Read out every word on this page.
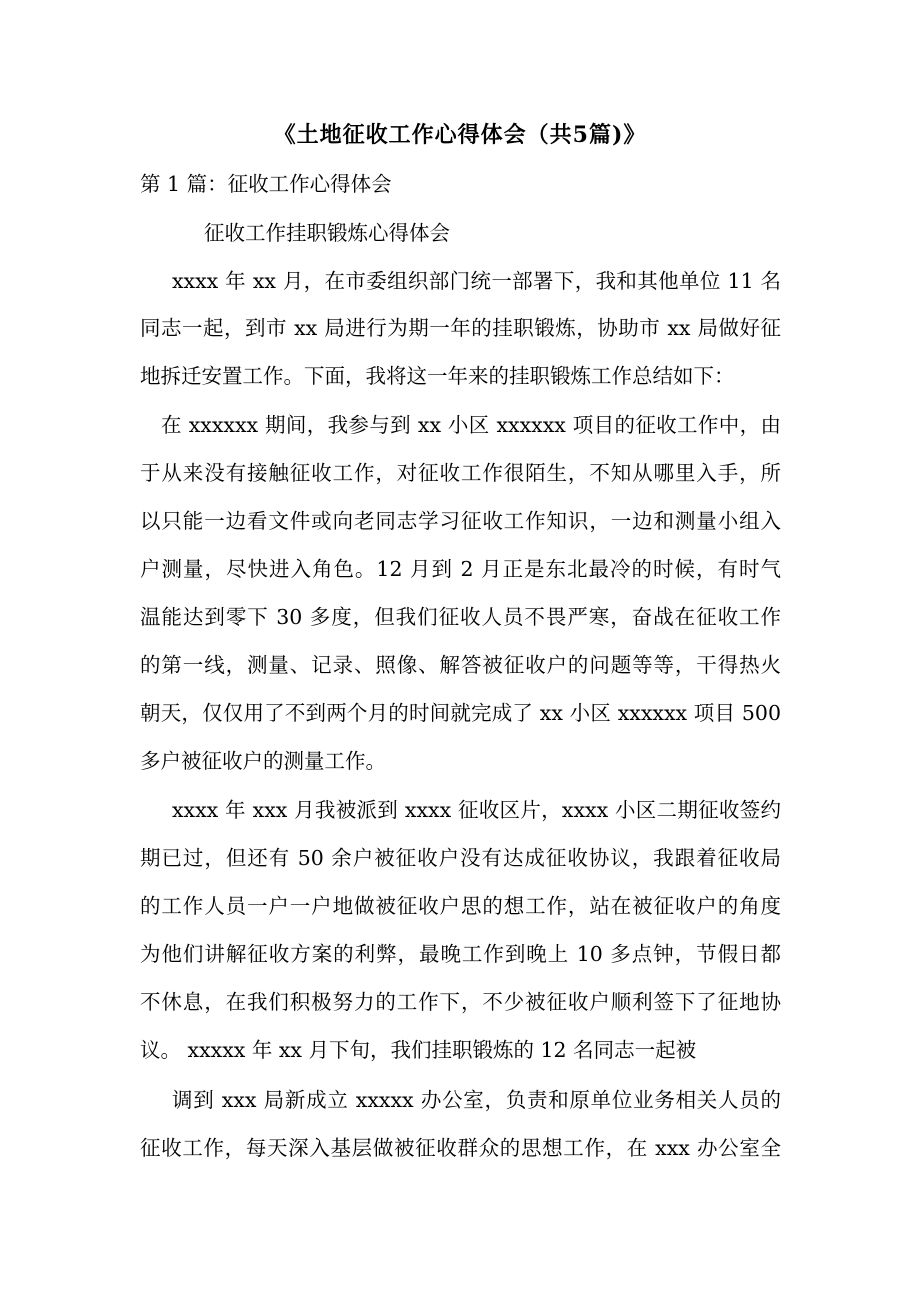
《土地征收工作心得体会（共5篇)》
第 1 篇：征收工作心得体会
征收工作挂职锻炼心得体会
xxxx 年 xx 月，在市委组织部门统一部署下，我和其他单位 11 名
同志一起，到市 xx 局进行为期一年的挂职锻炼，协助市 xx 局做好征
地拆迁安置工作。下面，我将这一年来的挂职锻炼工作总结如下：
在 xxxxxx 期间，我参与到 xx 小区 xxxxxx 项目的征收工作中，由
于从来没有接触征收工作，对征收工作很陌生，不知从哪里入手，所
以只能一边看文件或向老同志学习征收工作知识，一边和测量小组入
户测量，尽快进入角色。12 月到 2 月正是东北最冷的时候，有时气
温能达到零下 30 多度，但我们征收人员不畏严寒，奋战在征收工作
的第一线，测量、记录、照像、解答被征收户的问题等等，干得热火
朝天，仅仅用了不到两个月的时间就完成了 xx 小区 xxxxxx 项目 500
多户被征收户的测量工作。
xxxx 年 xxx 月我被派到 xxxx 征收区片，xxxx 小区二期征收签约
期已过，但还有 50 余户被征收户没有达成征收协议，我跟着征收局
的工作人员一户一户地做被征收户思的想工作，站在被征收户的角度
为他们讲解征收方案的利弊，最晚工作到晚上 10 多点钟，节假日都
不休息，在我们积极努力的工作下，不少被征收户顺利签下了征地协
议。 xxxxx 年 xx 月下旬，我们挂职锻炼的 12 名同志一起被
调到 xxx 局新成立 xxxxx 办公室，负责和原单位业务相关人员的
征收工作，每天深入基层做被征收群众的思想工作，在 xxx 办公室全
